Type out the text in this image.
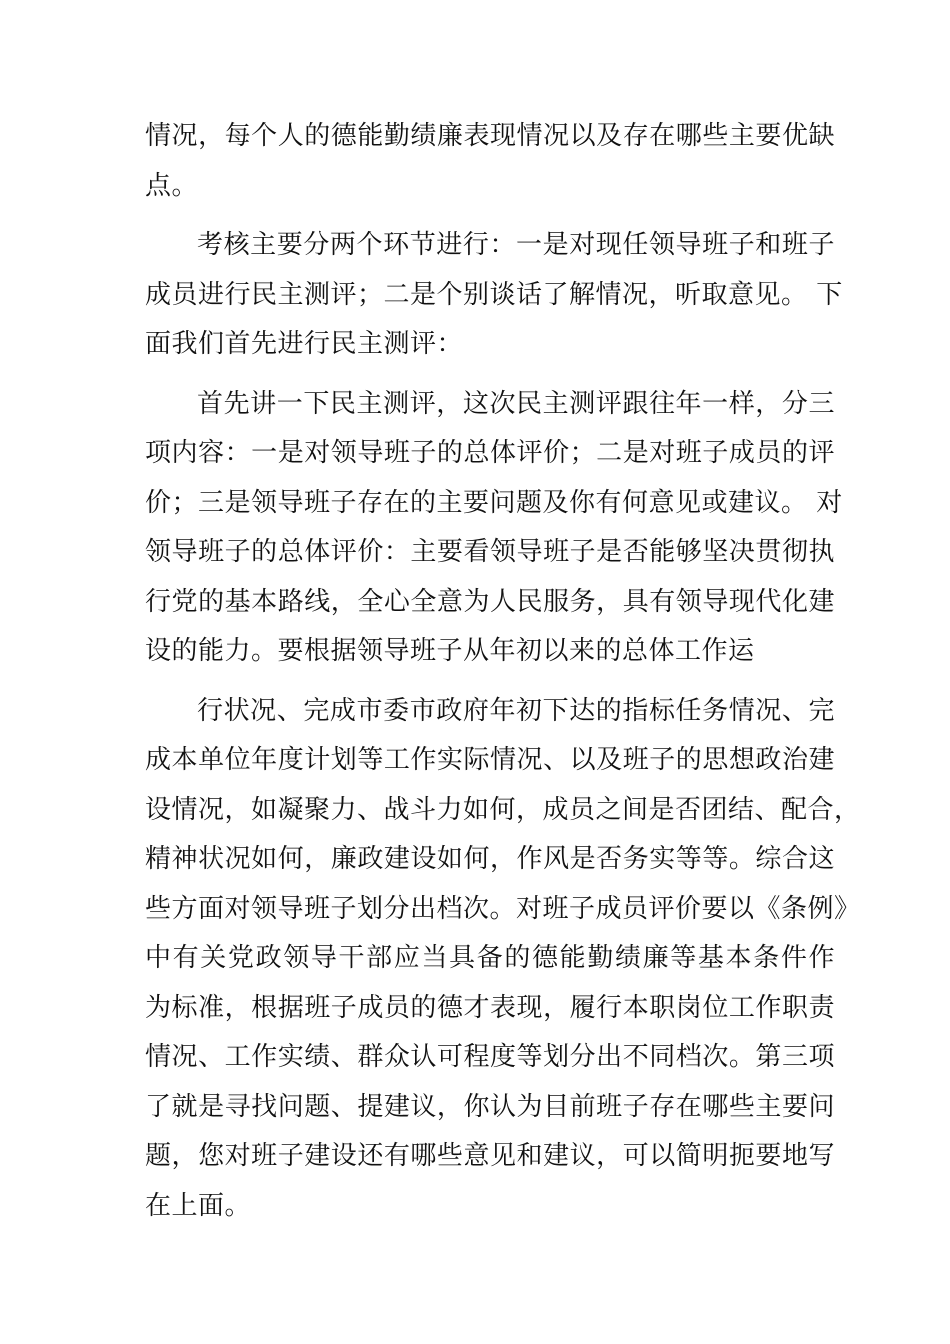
情况，每个人的德能勤绩廉表现情况以及存在哪些主要优缺
点。
考核主要分两个环节进行：一是对现任领导班子和班子
成员进行民主测评；二是个别谈话了解情况，听取意见。 下
面我们首先进行民主测评：
首先讲一下民主测评，这次民主测评跟往年一样，分三
项内容：一是对领导班子的总体评价；二是对班子成员的评
价；三是领导班子存在的主要问题及你有何意见或建议。 对
领导班子的总体评价：主要看领导班子是否能够坚决贯彻执
行党的基本路线，全心全意为人民服务，具有领导现代化建
设的能力。要根据领导班子从年初以来的总体工作运
行状况、完成市委市政府年初下达的指标任务情况、完
成本单位年度计划等工作实际情况、以及班子的思想政治建
设情况，如凝聚力、战斗力如何，成员之间是否团结、配合，
精神状况如何，廉政建设如何，作风是否务实等等。综合这
些方面对领导班子划分出档次。对班子成员评价要以《条例》
中有关党政领导干部应当具备的德能勤绩廉等基本条件作
为标准，根据班子成员的德才表现，履行本职岗位工作职责
情况、工作实绩、群众认可程度等划分出不同档次。第三项
了就是寻找问题、提建议，你认为目前班子存在哪些主要问
题，您对班子建设还有哪些意见和建议，可以简明扼要地写
在上面。
